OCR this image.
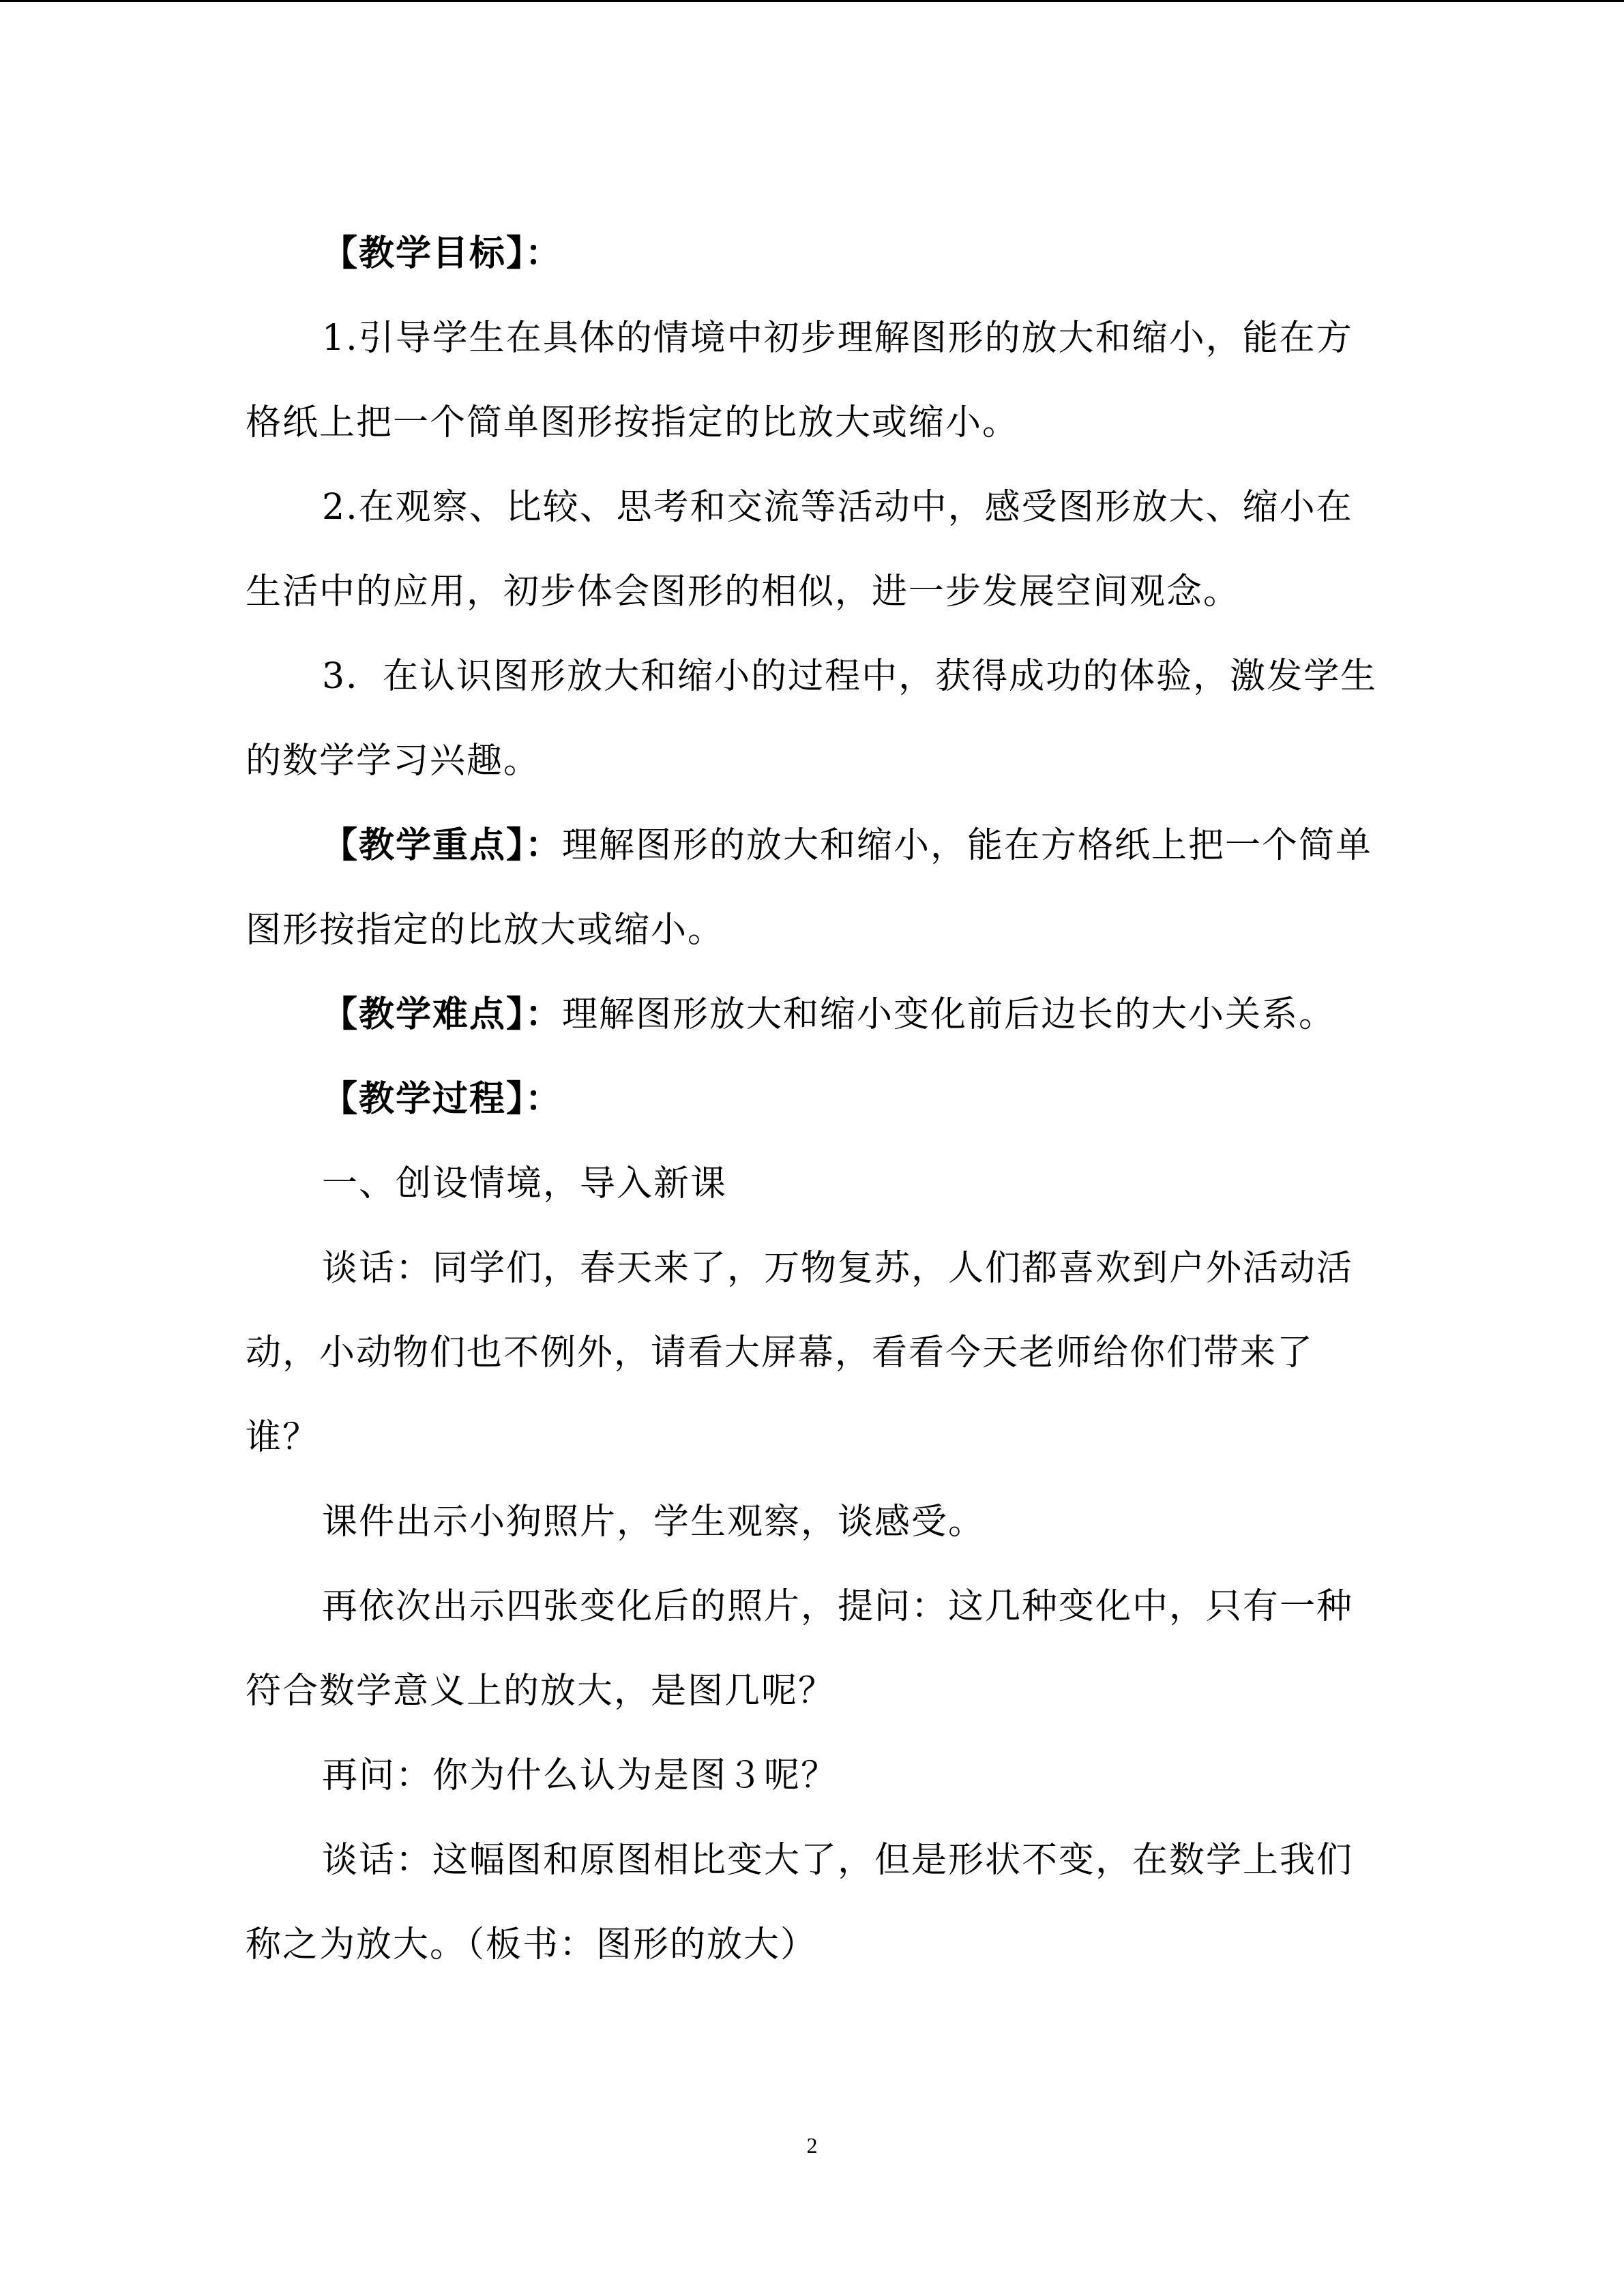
【教学目标】：

1.引导学生在具体的情境中初步理解图形的放大和缩小，能在方格纸上把一个简单图形按指定的比放大或缩小。

2.在观察、比较、思考和交流等活动中，感受图形放大、缩小在生活中的应用，初步体会图形的相似，进一步发展空间观念。

3．在认识图形放大和缩小的过程中，获得成功的体验，激发学生的数学学习兴趣。

【教学重点】：理解图形的放大和缩小，能在方格纸上把一个简单图形按指定的比放大或缩小。

【教学难点】：理解图形放大和缩小变化前后边长的大小关系。

【教学过程】：

一、创设情境，导入新课

谈话：同学们，春天来了，万物复苏，人们都喜欢到户外活动活动，小动物们也不例外，请看大屏幕，看看今天老师给你们带来了谁？

课件出示小狗照片，学生观察，谈感受。

再依次出示四张变化后的照片，提问：这几种变化中，只有一种符合数学意义上的放大，是图几呢？

再问：你为什么认为是图３呢？

谈话：这幅图和原图相比变大了，但是形状不变，在数学上我们称之为放大。（板书：图形的放大）

2
